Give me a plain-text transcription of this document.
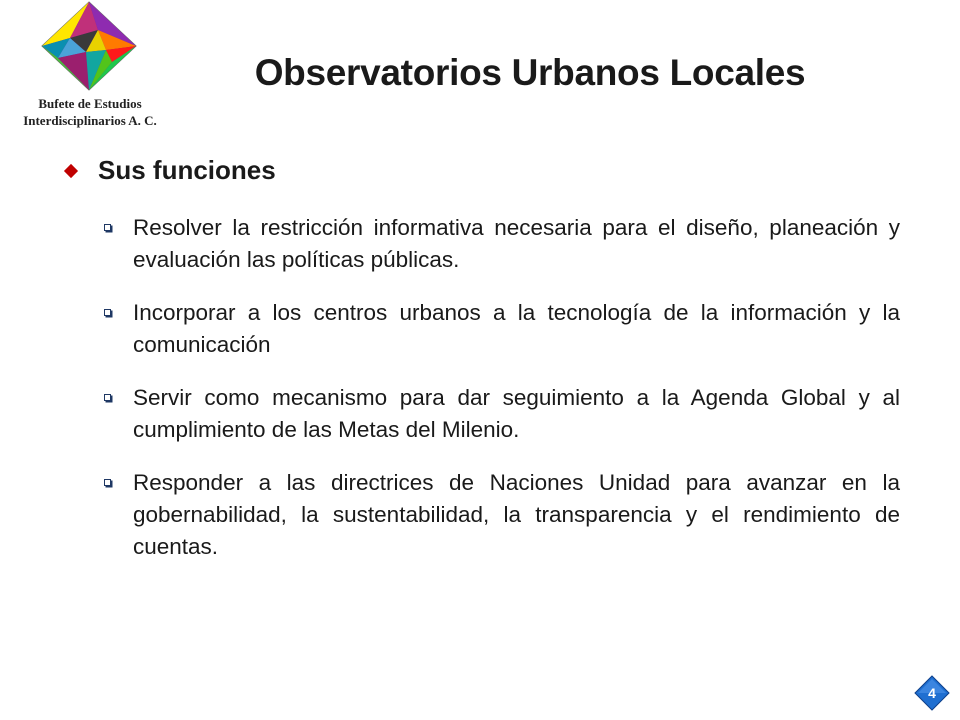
Bufete de Estudios
Interdisciplinarios A. C.
Observatorios Urbanos Locales
Sus funciones
Resolver la restricción informativa necesaria para el diseño, planeación y evaluación las políticas públicas.
Incorporar a los centros urbanos a la tecnología de la información y la comunicación
Servir como mecanismo para dar seguimiento a la Agenda Global y al cumplimiento de las Metas del Milenio.
Responder a las directrices de Naciones Unidad para avanzar en la gobernabilidad, la sustentabilidad, la transparencia y el rendimiento de cuentas.
4
